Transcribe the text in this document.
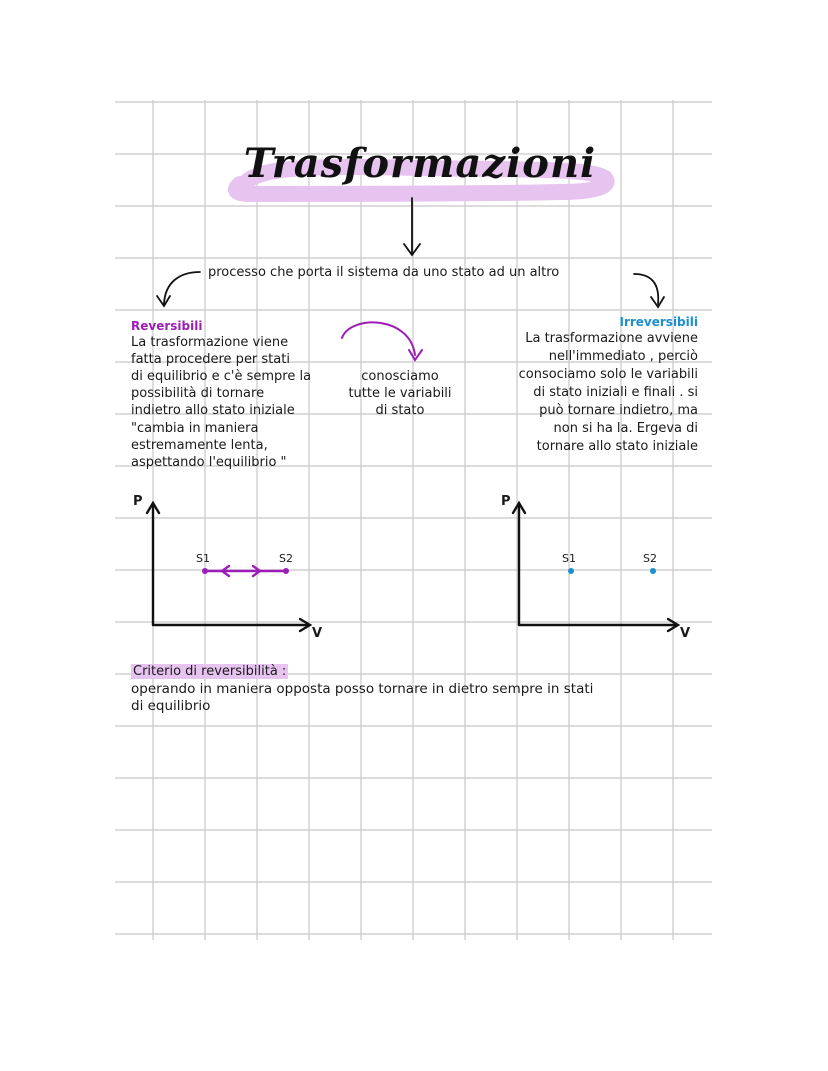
Trasformazioni
processo che porta il sistema da uno stato ad un altro
Reversibili
La trasformazione viene
fatta procedere per stati
di equilibrio e c'è sempre la
possibilità di tornare
indietro allo stato iniziale
"cambia in maniera
estremamente lenta,
aspettando l'equilibrio "
conosciamo
tutte le variabili
di stato
Irreversibili
La trasformazione avviene
nell'immediato , perciò
consociamo solo le variabili
di stato iniziali e finali . si
può tornare indietro, ma
non si ha la. Ergeva di
tornare allo stato iniziale
P
V
S1	S2
P
V
S1	S2
Criterio di reversibilità :
operando in maniera opposta posso tornare in dietro sempre in stati
di equilibrio
